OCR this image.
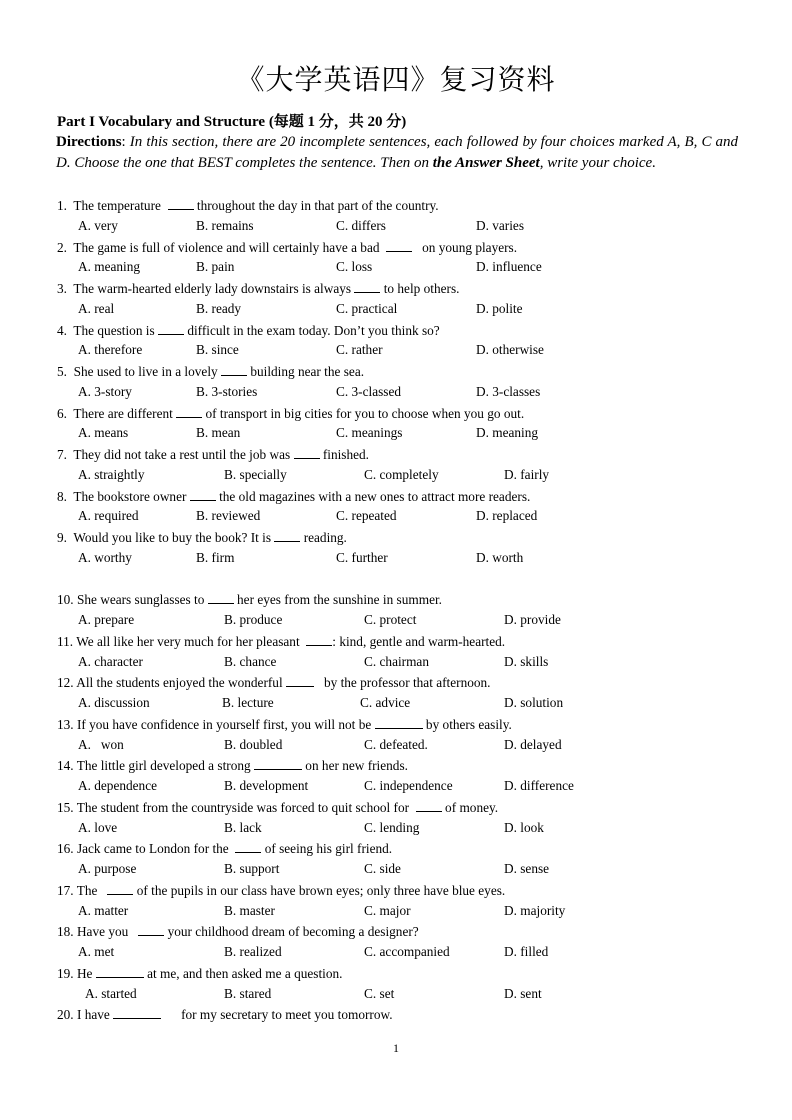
《大学英语四》复习资料
Part I Vocabulary and Structure (每题 1 分，共 20 分)
Directions: In this section, there are 20 incomplete sentences, each followed by four choices marked A, B, C and D. Choose the one that BEST completes the sentence. Then on the Answer Sheet, write your choice.
1. The temperature	throughout the day in that part of the country.
A. very	B. remains	C. differs	D. varies
2. The game is full of violence and will certainly have a bad	on young players.
A. meaning	B. pain	C. loss	D. influence
3. The warm-hearted elderly lady downstairs is always to help others.
A. real	B. ready	C. practical	D. polite
4. The question is difficult in the exam today. Don’t you think so?
A. therefore	B. since	C. rather	D. otherwise
5. She used to live in a lovely building near the sea.
A. 3-story	B. 3-stories	C. 3-classed	D. 3-classes
6. There are different of transport in big cities for you to choose when you go out.
A. means	B. mean	C. meanings	D. meaning
7. They did not take a rest until the job was finished.
A. straightly	B. specially	C. completely	D. fairly
8. The bookstore owner the old magazines with a new ones to attract more readers.
A. required	B. reviewed	C. repeated	D. replaced
9. Would you like to buy the book? It is reading.
A. worthy	B. firm	C. further	D. worth
10. She wears sunglasses to her eyes from the sunshine in summer.
A. prepare	B. produce	C. protect	D. provide
11. We all like her very much for her pleasant : kind, gentle and warm-hearted.
A. character	B. chance	C. chairman	D. skills
12. All the students enjoyed the wonderful	by the professor that afternoon.
A. discussion	B. lecture	C. advice	D. solution
13. If you have confidence in yourself first, you will not be	by others easily.
A.   won	B. doubled	C. defeated.	D. delayed
14. The little girl developed a strong	on her new friends.
A. dependence	B. development	C. independence	D. difference
15. The student from the countryside was forced to quit school for	of money.
A. love	B. lack	C. lending	D. look
16. Jack came to London for the	of seeing his girl friend.
A. purpose	B. support	C. side	D. sense
17. The	of the pupils in our class have brown eyes; only three have blue eyes.
A. matter	B. master	C. major	D. majority
18. Have you	your childhood dream of becoming a designer?
A. met	B. realized	C. accompanied	D. filled
19. He	at me, and then asked me a question.
A. started	B. stared	C. set	D. sent
20. I have	for my secretary to meet you tomorrow.
1
